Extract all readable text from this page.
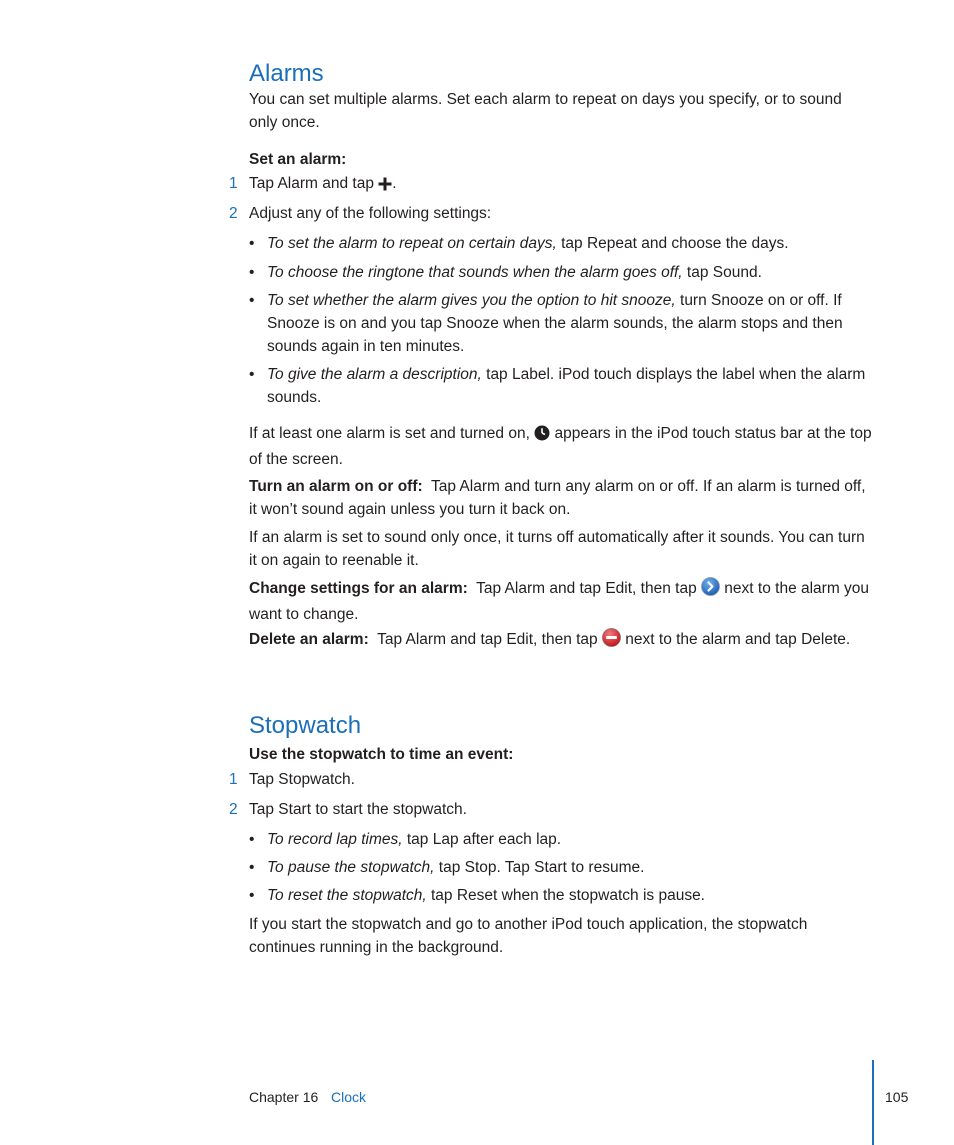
Alarms
You can set multiple alarms. Set each alarm to repeat on days you specify, or to sound only once.
Set an alarm:
1 Tap Alarm and tap .
2 Adjust any of the following settings:
• To set the alarm to repeat on certain days, tap Repeat and choose the days.
• To choose the ringtone that sounds when the alarm goes off, tap Sound.
• To set whether the alarm gives you the option to hit snooze, turn Snooze on or off. If Snooze is on and you tap Snooze when the alarm sounds, the alarm stops and then sounds again in ten minutes.
• To give the alarm a description, tap Label. iPod touch displays the label when the alarm sounds.
If at least one alarm is set and turned on,  appears in the iPod touch status bar at the top of the screen.
Turn an alarm on or off:  Tap Alarm and turn any alarm on or off. If an alarm is turned off, it won’t sound again unless you turn it back on.
If an alarm is set to sound only once, it turns off automatically after it sounds. You can turn it on again to reenable it.
Change settings for an alarm:  Tap Alarm and tap Edit, then tap  next to the alarm you want to change.
Delete an alarm:  Tap Alarm and tap Edit, then tap  next to the alarm and tap Delete.
Stopwatch
Use the stopwatch to time an event:
1 Tap Stopwatch.
2 Tap Start to start the stopwatch.
• To record lap times, tap Lap after each lap.
• To pause the stopwatch, tap Stop. Tap Start to resume.
• To reset the stopwatch, tap Reset when the stopwatch is pause.
If you start the stopwatch and go to another iPod touch application, the stopwatch continues running in the background.
Chapter 16 Clock	105
